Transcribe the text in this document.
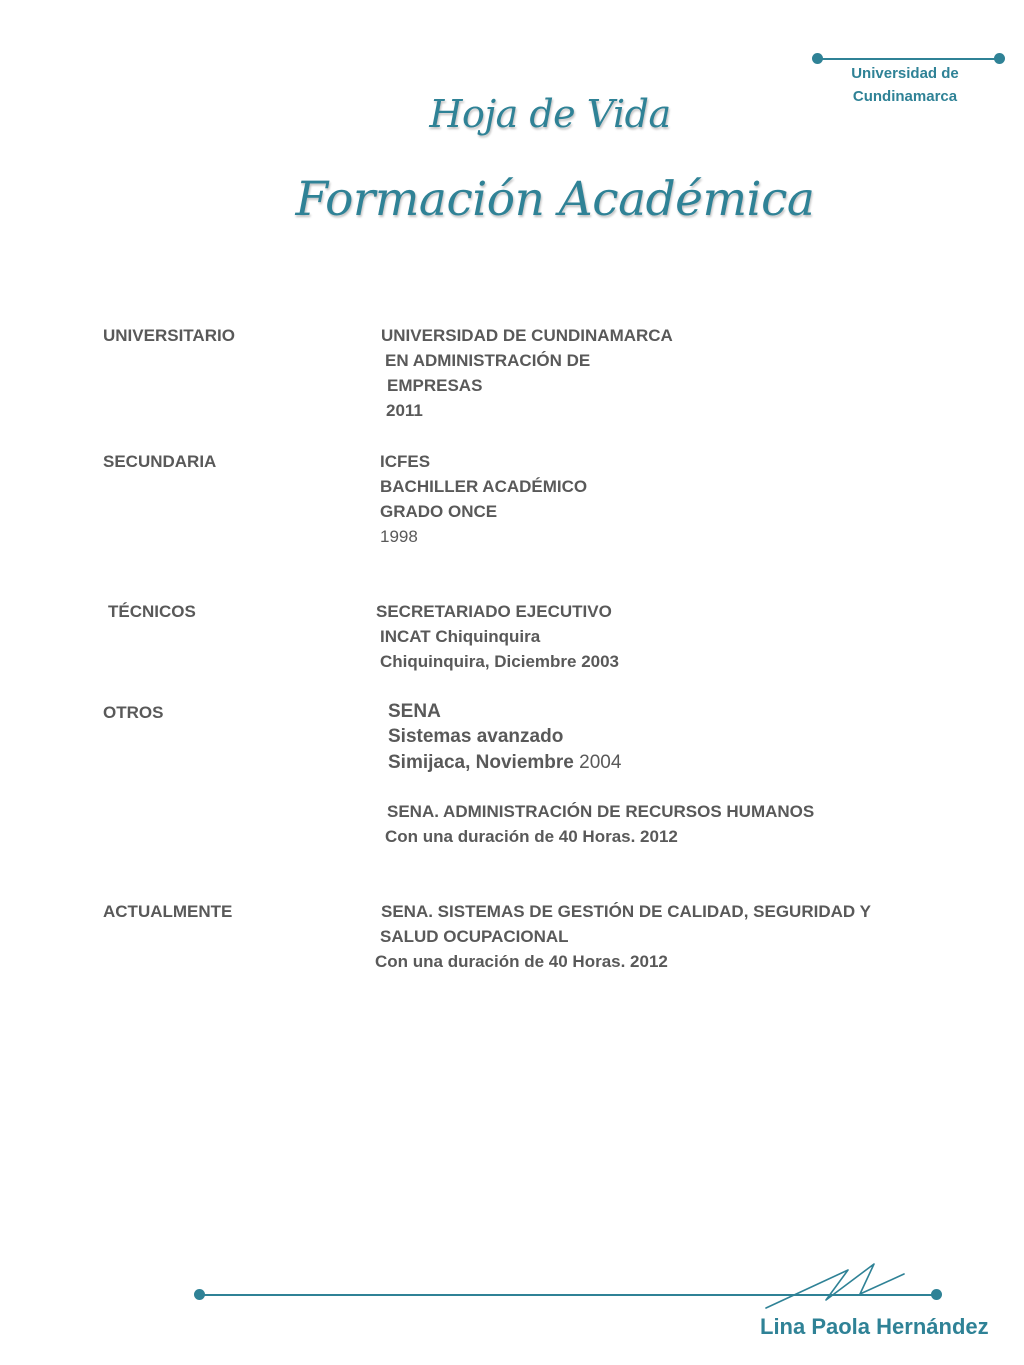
Universidad de
Cundinamarca
Hoja de Vida
Formación Académica
UNIVERSITARIO	UNIVERSIDAD DE CUNDINAMARCA
EN ADMINISTRACIÓN DE
EMPRESAS
2011
SECUNDARIA	ICFES
BACHILLER ACADÉMICO
GRADO ONCE
1998
TÉCNICOS	SECRETARIADO EJECUTIVO
INCAT Chiquinquira
Chiquinquira, Diciembre 2003
OTROS	SENA
Sistemas avanzado
Simijaca, Noviembre 2004
SENA. ADMINISTRACIÓN DE RECURSOS HUMANOS
Con una duración de 40 Horas. 2012
ACTUALMENTE	SENA. SISTEMAS DE GESTIÓN DE CALIDAD, SEGURIDAD Y
SALUD OCUPACIONAL
Con una duración de 40 Horas. 2012
Lina Paola Hernández
